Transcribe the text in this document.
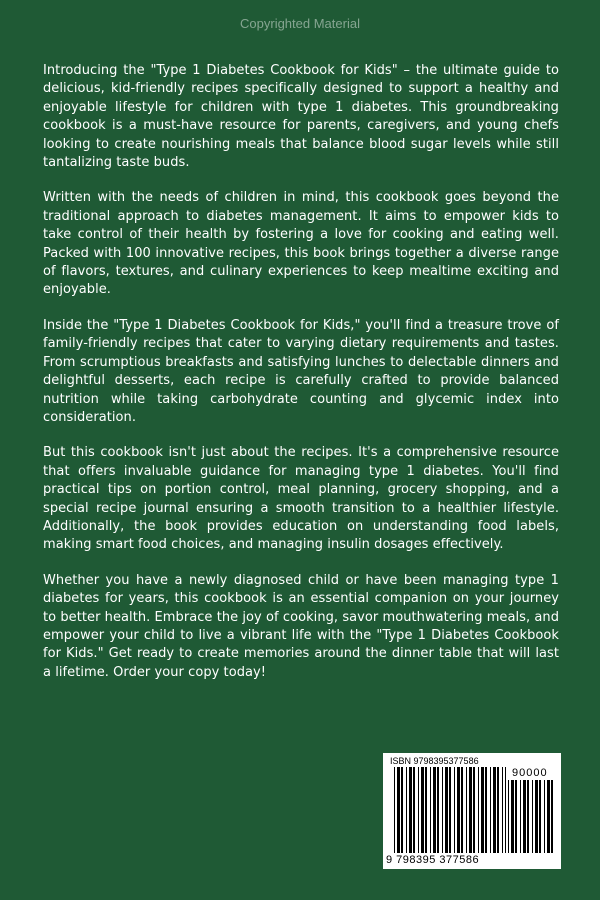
Copyrighted Material

Introducing the "Type 1 Diabetes Cookbook for Kids" – the ultimate guide to delicious, kid-friendly recipes specifically designed to support a healthy and enjoyable lifestyle for children with type 1 diabetes. This groundbreaking cookbook is a must-have resource for parents, caregivers, and young chefs looking to create nourishing meals that balance blood sugar levels while still tantalizing taste buds.

Written with the needs of children in mind, this cookbook goes beyond the traditional approach to diabetes management. It aims to empower kids to take control of their health by fostering a love for cooking and eating well. Packed with 100 innovative recipes, this book brings together a diverse range of flavors, textures, and culinary experiences to keep mealtime exciting and enjoyable.

Inside the "Type 1 Diabetes Cookbook for Kids," you'll find a treasure trove of family-friendly recipes that cater to varying dietary requirements and tastes. From scrumptious breakfasts and satisfying lunches to delectable dinners and delightful desserts, each recipe is carefully crafted to provide balanced nutrition while taking carbohydrate counting and glycemic index into consideration.

But this cookbook isn't just about the recipes. It's a comprehensive resource that offers invaluable guidance for managing type 1 diabetes. You'll find practical tips on portion control, meal planning, grocery shopping, and a special recipe journal ensuring a smooth transition to a healthier lifestyle. Additionally, the book provides education on understanding food labels, making smart food choices, and managing insulin dosages effectively.

Whether you have a newly diagnosed child or have been managing type 1 diabetes for years, this cookbook is an essential companion on your journey to better health. Embrace the joy of cooking, savor mouthwatering meals, and empower your child to live a vibrant life with the "Type 1 Diabetes Cookbook for Kids." Get ready to create memories around the dinner table that will last a lifetime. Order your copy today!

ISBN 9798395377586
90000
9 798395 377586
